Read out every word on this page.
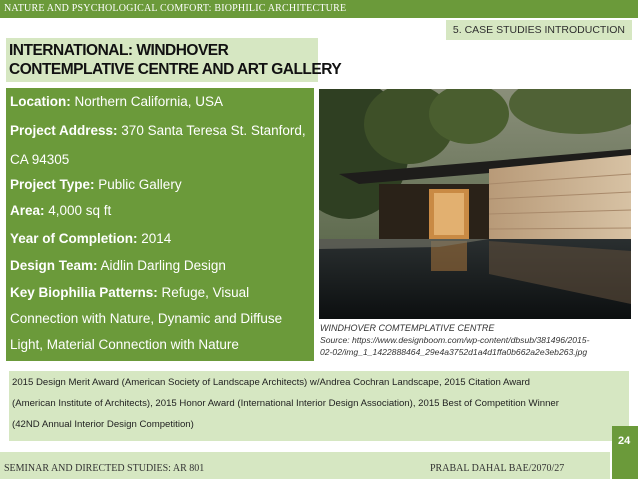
NATURE AND PSYCHOLOGICAL COMFORT: BIOPHILIC ARCHITECTURE
5. CASE STUDIES INTRODUCTION
INTERNATIONAL: WINDHOVER
CONTEMPLATIVE CENTRE AND ART GALLERY
Location: Northern California, USA
Project Address: 370 Santa Teresa St. Stanford,
CA 94305
Project Type: Public Gallery
Area: 4,000 sq ft
Year of Completion: 2014
Design Team: Aidlin Darling Design
Key Biophilia Patterns: Refuge, Visual
Connection with Nature, Dynamic and Diffuse
Light, Material Connection with Nature
WINDHOVER COMTEMPLATIVE CENTRE
Source: https://www.designboom.com/wp-content/dbsub/381496/2015-
02-02/img_1_1422888464_29e4a3752d1a4d1ffa0b662a2e3eb263.jpg
2015 Design Merit Award (American Society of Landscape Architects) w/Andrea Cochran Landscape, 2015 Citation Award
(American Institute of Architects), 2015 Honor Award (International Interior Design Association), 2015 Best of Competition Winner
(42ND Annual Interior Design Competition)
SEMINAR AND DIRECTED STUDIES: AR 801	PRABAL DAHAL BAE/2070/27
24
